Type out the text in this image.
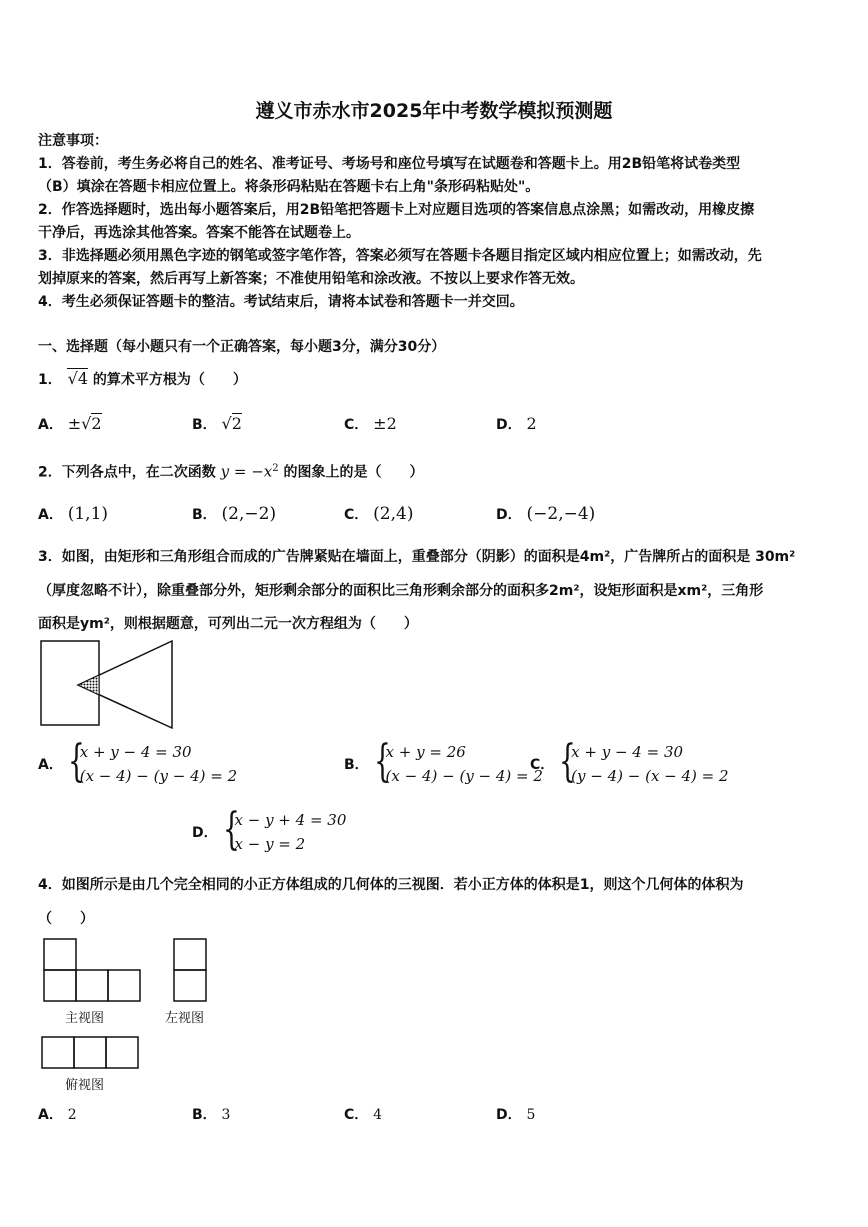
遵义市赤水市2025年中考数学模拟预测题
注意事项：
1．答卷前，考生务必将自己的姓名、准考证号、考场号和座位号填写在试题卷和答题卡上。用2B铅笔将试卷类型
（B）填涂在答题卡相应位置上。将条形码粘贴在答题卡右上角"条形码粘贴处"。
2．作答选择题时，选出每小题答案后，用2B铅笔把答题卡上对应题目选项的答案信息点涂黑；如需改动，用橡皮擦
干净后，再选涂其他答案。答案不能答在试题卷上。
3．非选择题必须用黑色字迹的钢笔或签字笔作答，答案必须写在答题卡各题目指定区域内相应位置上；如需改动，先
划掉原来的答案，然后再写上新答案；不准使用铅笔和涂改液。不按以上要求作答无效。
4．考生必须保证答题卡的整洁。考试结束后，请将本试卷和答题卡一并交回。
一、选择题（每小题只有一个正确答案，每小题3分，满分30分）
1． √4 的算术平方根为（　　）
A． ±√2	B． √2	C． ±2	D． 2
2．下列各点中，在二次函数 $y = -x^2$ 的图象上的是（　　）
A． (1,1)	B． (2,−2)	C． (2,4)	D． (−2,−4)
3．如图，由矩形和三角形组合而成的广告牌紧贴在墙面上，重叠部分（阴影）的面积是4m²，广告牌所占的面积是 30m²
（厚度忽略不计），除重叠部分外，矩形剩余部分的面积比三角形剩余部分的面积多2m²，设矩形面积是xm²，三角形
面积是ym²，则根据题意，可列出二元一次方程组为（　　）
A． {
x + y − 4 = 30
(x − 4) − (y − 4) = 2
B． {
x + y = 26
(x − 4) − (y − 4) = 2
C． {
x + y − 4 = 30
(y − 4) − (x − 4) = 2
D． {
x − y + 4 = 30
x − y = 2
4．如图所示是由几个完全相同的小正方体组成的几何体的三视图．若小正方体的体积是1，则这个几何体的体积为
（　　）
主视图	左视图
俯视图
A． 2	B． 3	C． 4	D． 5
